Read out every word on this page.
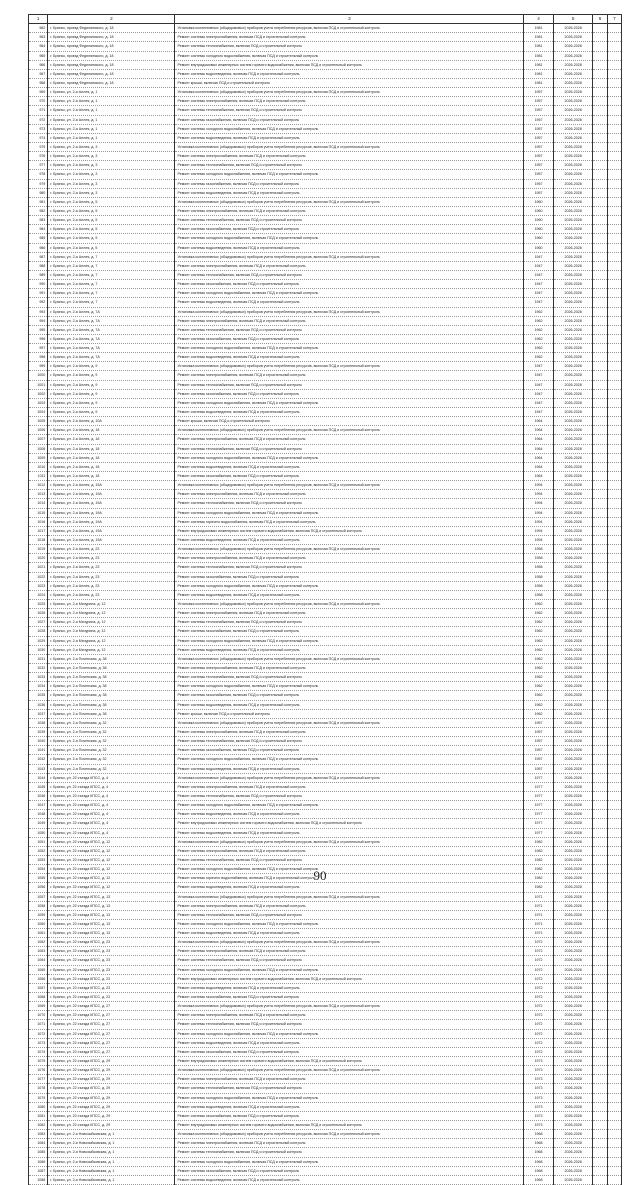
1	2	3	4	5	6	7
962	г. Брянск, проезд Федюнинского, д. 18	Установка коллективных (общедомовых) приборов учета потребления ресурсов, включая ПСД и строительный контроль	1981	2026-2028		
963	г. Брянск, проезд Федюнинского, д. 18	Ремонт системы электроснабжения, включая ПСД и строительный контроль	1981	2026-2028		
964	г. Брянск, проезд Федюнинского, д. 18	Ремонт системы теплоснабжения, включая ПСД и строительный контроль	1981	2026-2028		
965	г. Брянск, проезд Федюнинского, д. 18	Ремонт системы холодного водоснабжения, включая ПСД и строительный контроль	1981	2026-2028		
966	г. Брянск, проезд Федюнинского, д. 18	Ремонт внутридомовых инженерных систем горячего водоснабжения, включая ПСД и строительный контроль	1981	2026-2028		
967	г. Брянск, проезд Федюнинского, д. 18	Ремонт системы водоотведения, включая ПСД и строительный контроль	1981	2026-2028		
968	г. Брянск, проезд Федюнинского, д. 18	Ремонт крыши, включая ПСД и строительный контроль	1981	2026-2028		
969	г. Брянск, ул. 2-я Аллея, д. 1	Установка коллективных (общедомовых) приборов учета потребления ресурсов, включая ПСД и строительный контроль	1957	2026-2028		
970	г. Брянск, ул. 2-я Аллея, д. 1	Ремонт системы электроснабжения, включая ПСД и строительный контроль	1957	2026-2028		
971	г. Брянск, ул. 2-я Аллея, д. 1	Ремонт системы теплоснабжения, включая ПСД и строительный контроль	1957	2026-2028		
972	г. Брянск, ул. 2-я Аллея, д. 1	Ремонт системы газоснабжения, включая ПСД и строительный контроль	1957	2026-2028		
973	г. Брянск, ул. 2-я Аллея, д. 1	Ремонт системы холодного водоснабжения, включая ПСД и строительный контроль	1957	2026-2028		
974	г. Брянск, ул. 2-я Аллея, д. 1	Ремонт системы водоотведения, включая ПСД и строительный контроль	1957	2026-2028		
975	г. Брянск, ул. 2-я Аллея, д. 3	Установка коллективных (общедомовых) приборов учета потребления ресурсов, включая ПСД и строительный контроль	1957	2026-2028		
976	г. Брянск, ул. 2-я Аллея, д. 3	Ремонт системы электроснабжения, включая ПСД и строительный контроль	1957	2026-2028		
977	г. Брянск, ул. 2-я Аллея, д. 3	Ремонт системы теплоснабжения, включая ПСД и строительный контроль	1957	2026-2028		
978	г. Брянск, ул. 2-я Аллея, д. 3	Ремонт системы холодного водоснабжения, включая ПСД и строительный контроль	1957	2026-2028		
979	г. Брянск, ул. 2-я Аллея, д. 3	Ремонт системы газоснабжения, включая ПСД и строительный контроль	1957	2026-2028		
980	г. Брянск, ул. 2-я Аллея, д. 3	Ремонт системы водоотведения, включая ПСД и строительный контроль	1957	2026-2028		
981	г. Брянск, ул. 2-я Аллея, д. 5	Установка коллективных (общедомовых) приборов учета потребления ресурсов, включая ПСД и строительный контроль	1960	2026-2028		
982	г. Брянск, ул. 2-я Аллея, д. 5	Ремонт системы электроснабжения, включая ПСД и строительный контроль	1960	2026-2028		
983	г. Брянск, ул. 2-я Аллея, д. 5	Ремонт системы теплоснабжения, включая ПСД и строительный контроль	1960	2026-2028		
984	г. Брянск, ул. 2-я Аллея, д. 5	Ремонт системы газоснабжения, включая ПСД и строительный контроль	1960	2026-2028		
985	г. Брянск, ул. 2-я Аллея, д. 5	Ремонт системы холодного водоснабжения, включая ПСД и строительный контроль	1960	2026-2028		
986	г. Брянск, ул. 2-я Аллея, д. 5	Ремонт системы водоотведения, включая ПСД и строительный контроль	1960	2026-2028		
987	г. Брянск, ул. 2-я Аллея, д. 7	Установка коллективных (общедомовых) приборов учета потребления ресурсов, включая ПСД и строительный контроль	1947	2026-2028		
988	г. Брянск, ул. 2-я Аллея, д. 7	Ремонт системы электроснабжения, включая ПСД и строительный контроль	1947	2026-2028		
989	г. Брянск, ул. 2-я Аллея, д. 7	Ремонт системы теплоснабжения, включая ПСД и строительный контроль	1947	2026-2028		
990	г. Брянск, ул. 2-я Аллея, д. 7	Ремонт системы газоснабжения, включая ПСД и строительный контроль	1947	2026-2028		
991	г. Брянск, ул. 2-я Аллея, д. 7	Ремонт системы холодного водоснабжения, включая ПСД и строительный контроль	1947	2026-2028		
992	г. Брянск, ул. 2-я Аллея, д. 7	Ремонт системы водоотведения, включая ПСД и строительный контроль	1947	2026-2028		
993	г. Брянск, ул. 2-я Аллея, д. 7А	Установка коллективных (общедомовых) приборов учета потребления ресурсов, включая ПСД и строительный контроль	1962	2026-2028		
994	г. Брянск, ул. 2-я Аллея, д. 7А	Ремонт системы электроснабжения, включая ПСД и строительный контроль	1962	2026-2028		
995	г. Брянск, ул. 2-я Аллея, д. 7А	Ремонт системы теплоснабжения, включая ПСД и строительный контроль	1962	2026-2028		
996	г. Брянск, ул. 2-я Аллея, д. 7А	Ремонт системы газоснабжения, включая ПСД и строительный контроль	1962	2026-2028		
997	г. Брянск, ул. 2-я Аллея, д. 7А	Ремонт системы холодного водоснабжения, включая ПСД и строительный контроль	1962	2026-2028		
998	г. Брянск, ул. 2-я Аллея, д. 7А	Ремонт системы водоотведения, включая ПСД и строительный контроль	1962	2026-2028		
999	г. Брянск, ул. 2-я Аллея, д. 9	Установка коллективных (общедомовых) приборов учета потребления ресурсов, включая ПСД и строительный контроль	1947	2026-2028		
1000	г. Брянск, ул. 2-я Аллея, д. 9	Ремонт системы электроснабжения, включая ПСД и строительный контроль	1947	2026-2028		
1001	г. Брянск, ул. 2-я Аллея, д. 9	Ремонт системы теплоснабжения, включая ПСД и строительный контроль	1947	2026-2028		
1002	г. Брянск, ул. 2-я Аллея, д. 9	Ремонт системы газоснабжения, включая ПСД и строительный контроль	1947	2026-2028		
1003	г. Брянск, ул. 2-я Аллея, д. 9	Ремонт системы холодного водоснабжения, включая ПСД и строительный контроль	1947	2026-2028		
1004	г. Брянск, ул. 2-я Аллея, д. 9	Ремонт системы водоотведения, включая ПСД и строительный контроль	1947	2026-2028		
1005	г. Брянск, ул. 2-я Аллея, д. 10А	Ремонт крыши, включая ПСД и строительный контроль	1964	2026-2028		
1006	г. Брянск, ул. 2-я Аллея, д. 18	Установка коллективных (общедомовых) приборов учета потребления ресурсов, включая ПСД и строительный контроль	1964	2026-2028		
1007	г. Брянск, ул. 2-я Аллея, д. 18	Ремонт системы электроснабжения, включая ПСД и строительный контроль	1964	2026-2028		
1008	г. Брянск, ул. 2-я Аллея, д. 18	Ремонт системы теплоснабжения, включая ПСД и строительный контроль	1964	2026-2028		
1009	г. Брянск, ул. 2-я Аллея, д. 18	Ремонт системы холодного водоснабжения, включая ПСД и строительный контроль	1964	2026-2028		
1010	г. Брянск, ул. 2-я Аллея, д. 18	Ремонт системы водоотведения, включая ПСД и строительный контроль	1964	2026-2028		
1011	г. Брянск, ул. 2-я Аллея, д. 18	Ремонт системы газоснабжения, включая ПСД и строительный контроль	1964	2026-2028		
1012	г. Брянск, ул. 2-я Аллея, д. 19А	Установка коллективных (общедомовых) приборов учета потребления ресурсов, включая ПСД и строительный контроль	1994	2026-2028		
1013	г. Брянск, ул. 2-я Аллея, д. 19А	Ремонт системы электроснабжения, включая ПСД и строительный контроль	1994	2026-2028		
1014	г. Брянск, ул. 2-я Аллея, д. 19А	Ремонт системы теплоснабжения, включая ПСД и строительный контроль	1994	2026-2028		
1015	г. Брянск, ул. 2-я Аллея, д. 19А	Ремонт системы холодного водоснабжения, включая ПСД и строительный контроль	1994	2026-2028		
1016	г. Брянск, ул. 2-я Аллея, д. 19А	Ремонт системы горячего водоснабжения, включая ПСД и строительный контроль	1994	2026-2028		
1017	г. Брянск, ул. 2-я Аллея, д. 19А	Ремонт внутридомовых инженерных систем горячего водоснабжения, включая ПСД и строительный контроль	1994	2026-2028		
1018	г. Брянск, ул. 2-я Аллея, д. 19А	Ремонт системы водоотведения, включая ПСД и строительный контроль	1994	2026-2028		
1019	г. Брянск, ул. 2-я Аллея, д. 23	Установка коллективных (общедомовых) приборов учета потребления ресурсов, включая ПСД и строительный контроль	1958	2026-2028		
1020	г. Брянск, ул. 2-я Аллея, д. 23	Ремонт системы электроснабжения, включая ПСД и строительный контроль	1958	2026-2028		
1021	г. Брянск, ул. 2-я Аллея, д. 23	Ремонт системы теплоснабжения, включая ПСД и строительный контроль	1958	2026-2028		
1022	г. Брянск, ул. 2-я Аллея, д. 23	Ремонт системы газоснабжения, включая ПСД и строительный контроль	1958	2026-2028		
1023	г. Брянск, ул. 2-я Аллея, д. 23	Ремонт системы холодного водоснабжения, включая ПСД и строительный контроль	1958	2026-2028		
1024	г. Брянск, ул. 2-я Аллея, д. 23	Ремонт системы водоотведения, включая ПСД и строительный контроль	1958	2026-2028		
1025	г. Брянск, ул. 2-я Мичурина, д. 12	Установка коллективных (общедомовых) приборов учета потребления ресурсов, включая ПСД и строительный контроль	1962	2026-2028		
1026	г. Брянск, ул. 2-я Мичурина, д. 12	Ремонт системы электроснабжения, включая ПСД и строительный контроль	1962	2026-2028		
1027	г. Брянск, ул. 2-я Мичурина, д. 12	Ремонт системы теплоснабжения, включая ПСД и строительный контроль	1962	2026-2028		
1028	г. Брянск, ул. 2-я Мичурина, д. 12	Ремонт системы газоснабжения, включая ПСД и строительный контроль	1962	2026-2028		
1029	г. Брянск, ул. 2-я Мичурина, д. 12	Ремонт системы холодного водоснабжения, включая ПСД и строительный контроль	1962	2026-2028		
1030	г. Брянск, ул. 2-я Мичурина, д. 12	Ремонт системы водоотведения, включая ПСД и строительный контроль	1962	2026-2028		
1031	г. Брянск, ул. 2-я Почепская, д. 38	Установка коллективных (общедомовых) приборов учета потребления ресурсов, включая ПСД и строительный контроль	1962	2026-2028		
1032	г. Брянск, ул. 2-я Почепская, д. 38	Ремонт системы электроснабжения, включая ПСД и строительный контроль	1962	2026-2028		
1033	г. Брянск, ул. 2-я Почепская, д. 38	Ремонт системы теплоснабжения, включая ПСД и строительный контроль	1962	2026-2028		
1034	г. Брянск, ул. 2-я Почепская, д. 38	Ремонт системы холодного водоснабжения, включая ПСД и строительный контроль	1962	2026-2028		
1035	г. Брянск, ул. 2-я Почепская, д. 38	Ремонт системы газоснабжения, включая ПСД и строительный контроль	1962	2026-2028		
1036	г. Брянск, ул. 2-я Почепская, д. 38	Ремонт системы водоотведения, включая ПСД и строительный контроль	1962	2026-2028		
1037	г. Брянск, ул. 2-я Почепская, д. 38	Ремонт крыши, включая ПСД и строительный контроль	1962	2026-2028		
1038	г. Брянск, ул. 2-я Почепская, д. 32	Установка коллективных (общедомовых) приборов учета потребления ресурсов, включая ПСД и строительный контроль	1957	2026-2028		
1039	г. Брянск, ул. 2-я Почепская, д. 32	Ремонт системы электроснабжения, включая ПСД и строительный контроль	1957	2026-2028		
1040	г. Брянск, ул. 2-я Почепская, д. 32	Ремонт системы теплоснабжения, включая ПСД и строительный контроль	1957	2026-2028		
1041	г. Брянск, ул. 2-я Почепская, д. 32	Ремонт системы газоснабжения, включая ПСД и строительный контроль	1957	2026-2028		
1042	г. Брянск, ул. 2-я Почепская, д. 32	Ремонт системы холодного водоснабжения, включая ПСД и строительный контроль	1957	2026-2028		
1043	г. Брянск, ул. 2-я Почепская, д. 32	Ремонт системы водоотведения, включая ПСД и строительный контроль	1957	2026-2028		
1044	г. Брянск, ул. 22 съезда КПСС, д. 4	Установка коллективных (общедомовых) приборов учета потребления ресурсов, включая ПСД и строительный контроль	1977	2026-2028		
1045	г. Брянск, ул. 22 съезда КПСС, д. 4	Ремонт системы электроснабжения, включая ПСД и строительный контроль	1977	2026-2028		
1046	г. Брянск, ул. 22 съезда КПСС, д. 4	Ремонт системы теплоснабжения, включая ПСД и строительный контроль	1977	2026-2028		
1047	г. Брянск, ул. 22 съезда КПСС, д. 4	Ремонт системы холодного водоснабжения, включая ПСД и строительный контроль	1977	2026-2028		
1048	г. Брянск, ул. 22 съезда КПСС, д. 4	Ремонт системы водоотведения, включая ПСД и строительный контроль	1977	2026-2028		
1049	г. Брянск, ул. 22 съезда КПСС, д. 4	Ремонт внутридомовых инженерных систем горячего водоснабжения, включая ПСД и строительный контроль	1977	2026-2028		
1050	г. Брянск, ул. 22 съезда КПСС, д. 4	Ремонт системы водоотведения, включая ПСД и строительный контроль	1977	2026-2028		
1051	г. Брянск, ул. 22 съезда КПСС, д. 12	Установка коллективных (общедомовых) приборов учета потребления ресурсов, включая ПСД и строительный контроль	1982	2026-2028		
1052	г. Брянск, ул. 22 съезда КПСС, д. 12	Ремонт системы электроснабжения, включая ПСД и строительный контроль	1982	2026-2028		
1053	г. Брянск, ул. 22 съезда КПСС, д. 12	Ремонт системы теплоснабжения, включая ПСД и строительный контроль	1982	2026-2028		
1054	г. Брянск, ул. 22 съезда КПСС, д. 12	Ремонт системы холодного водоснабжения, включая ПСД и строительный контроль	1982	2026-2028		
1055	г. Брянск, ул. 22 съезда КПСС, д. 12	Ремонт системы горячего водоснабжения, включая ПСД и строительный контроль	1982	2026-2028		
1056	г. Брянск, ул. 22 съезда КПСС, д. 12	Ремонт системы водоотведения, включая ПСД и строительный контроль	1982	2026-2028		
1057	г. Брянск, ул. 22 съезда КПСС, д. 13	Установка коллективных (общедомовых) приборов учета потребления ресурсов, включая ПСД и строительный контроль	1971	2026-2028		
1058	г. Брянск, ул. 22 съезда КПСС, д. 13	Ремонт системы электроснабжения, включая ПСД и строительный контроль	1971	2026-2028		
1059	г. Брянск, ул. 22 съезда КПСС, д. 13	Ремонт системы теплоснабжения, включая ПСД и строительный контроль	1971	2026-2028		
1060	г. Брянск, ул. 22 съезда КПСС, д. 13	Ремонт системы холодного водоснабжения, включая ПСД и строительный контроль	1971	2026-2028		
1061	г. Брянск, ул. 22 съезда КПСС, д. 13	Ремонт системы водоотведения, включая ПСД и строительный контроль	1971	2026-2028		
1062	г. Брянск, ул. 22 съезда КПСС, д. 23	Установка коллективных (общедомовых) приборов учета потребления ресурсов, включая ПСД и строительный контроль	1972	2026-2028		
1063	г. Брянск, ул. 22 съезда КПСС, д. 23	Ремонт системы электроснабжения, включая ПСД и строительный контроль	1972	2026-2028		
1064	г. Брянск, ул. 22 съезда КПСС, д. 23	Ремонт системы теплоснабжения, включая ПСД и строительный контроль	1972	2026-2028		
1065	г. Брянск, ул. 22 съезда КПСС, д. 23	Ремонт системы холодного водоснабжения, включая ПСД и строительный контроль	1972	2026-2028		
1066	г. Брянск, ул. 22 съезда КПСС, д. 23	Ремонт внутридомовых инженерных систем горячего водоснабжения, включая ПСД и строительный контроль	1972	2026-2028		
1067	г. Брянск, ул. 22 съезда КПСС, д. 23	Ремонт системы водоотведения, включая ПСД и строительный контроль	1972	2026-2028		
1068	г. Брянск, ул. 22 съезда КПСС, д. 23	Ремонт системы газоснабжения, включая ПСД и строительный контроль	1972	2026-2028		
1069	г. Брянск, ул. 22 съезда КПСС, д. 27	Установка коллективных (общедомовых) приборов учета потребления ресурсов, включая ПСД и строительный контроль	1972	2026-2028		
1070	г. Брянск, ул. 22 съезда КПСС, д. 27	Ремонт системы электроснабжения, включая ПСД и строительный контроль	1972	2026-2028		
1071	г. Брянск, ул. 22 съезда КПСС, д. 27	Ремонт системы теплоснабжения, включая ПСД и строительный контроль	1972	2026-2028		
1072	г. Брянск, ул. 22 съезда КПСС, д. 27	Ремонт системы холодного водоснабжения, включая ПСД и строительный контроль	1972	2026-2028		
1073	г. Брянск, ул. 22 съезда КПСС, д. 27	Ремонт системы водоотведения, включая ПСД и строительный контроль	1972	2026-2028		
1074	г. Брянск, ул. 22 съезда КПСС, д. 27	Ремонт системы газоснабжения, включая ПСД и строительный контроль	1972	2026-2028		
1075	г. Брянск, ул. 22 съезда КПСС, д. 29	Ремонт внутридомовых инженерных систем горячего водоснабжения, включая ПСД и строительный контроль	1973	2026-2028		
1076	г. Брянск, ул. 22 съезда КПСС, д. 29	Установка коллективных (общедомовых) приборов учета потребления ресурсов, включая ПСД и строительный контроль	1973	2026-2028		
1077	г. Брянск, ул. 22 съезда КПСС, д. 29	Ремонт системы электроснабжения, включая ПСД и строительный контроль	1973	2026-2028		
1078	г. Брянск, ул. 22 съезда КПСС, д. 29	Ремонт системы теплоснабжения, включая ПСД и строительный контроль	1973	2026-2028		
1079	г. Брянск, ул. 22 съезда КПСС, д. 29	Ремонт системы холодного водоснабжения, включая ПСД и строительный контроль	1973	2026-2028		
1080	г. Брянск, ул. 22 съезда КПСС, д. 29	Ремонт системы водоотведения, включая ПСД и строительный контроль	1973	2026-2028		
1081	г. Брянск, ул. 22 съезда КПСС, д. 29	Ремонт системы газоснабжения, включая ПСД и строительный контроль	1973	2026-2028		
1082	г. Брянск, ул. 22 съезда КПСС, д. 29	Ремонт внутридомовых инженерных систем горячего водоснабжения, включая ПСД и строительный контроль	1973	2026-2028		
1083	г. Брянск, ул. 2-я Новозыбковская, д. 1	Установка коллективных (общедомовых) приборов учета потребления ресурсов, включая ПСД и строительный контроль	1968	2026-2028		
1084	г. Брянск, ул. 2-я Новозыбковская, д. 1	Ремонт системы электроснабжения, включая ПСД и строительный контроль	1968	2026-2028		
1085	г. Брянск, ул. 2-я Новозыбковская, д. 1	Ремонт системы теплоснабжения, включая ПСД и строительный контроль	1968	2026-2028		
1086	г. Брянск, ул. 2-я Новозыбковская, д. 1	Ремонт системы холодного водоснабжения, включая ПСД и строительный контроль	1968	2026-2028		
1087	г. Брянск, ул. 2-я Новозыбковская, д. 1	Ремонт системы газоснабжения, включая ПСД и строительный контроль	1968	2026-2028		
1088	г. Брянск, ул. 2-я Новозыбковская, д. 1	Ремонт системы водоотведения, включая ПСД и строительный контроль	1968	2026-2028		
90
